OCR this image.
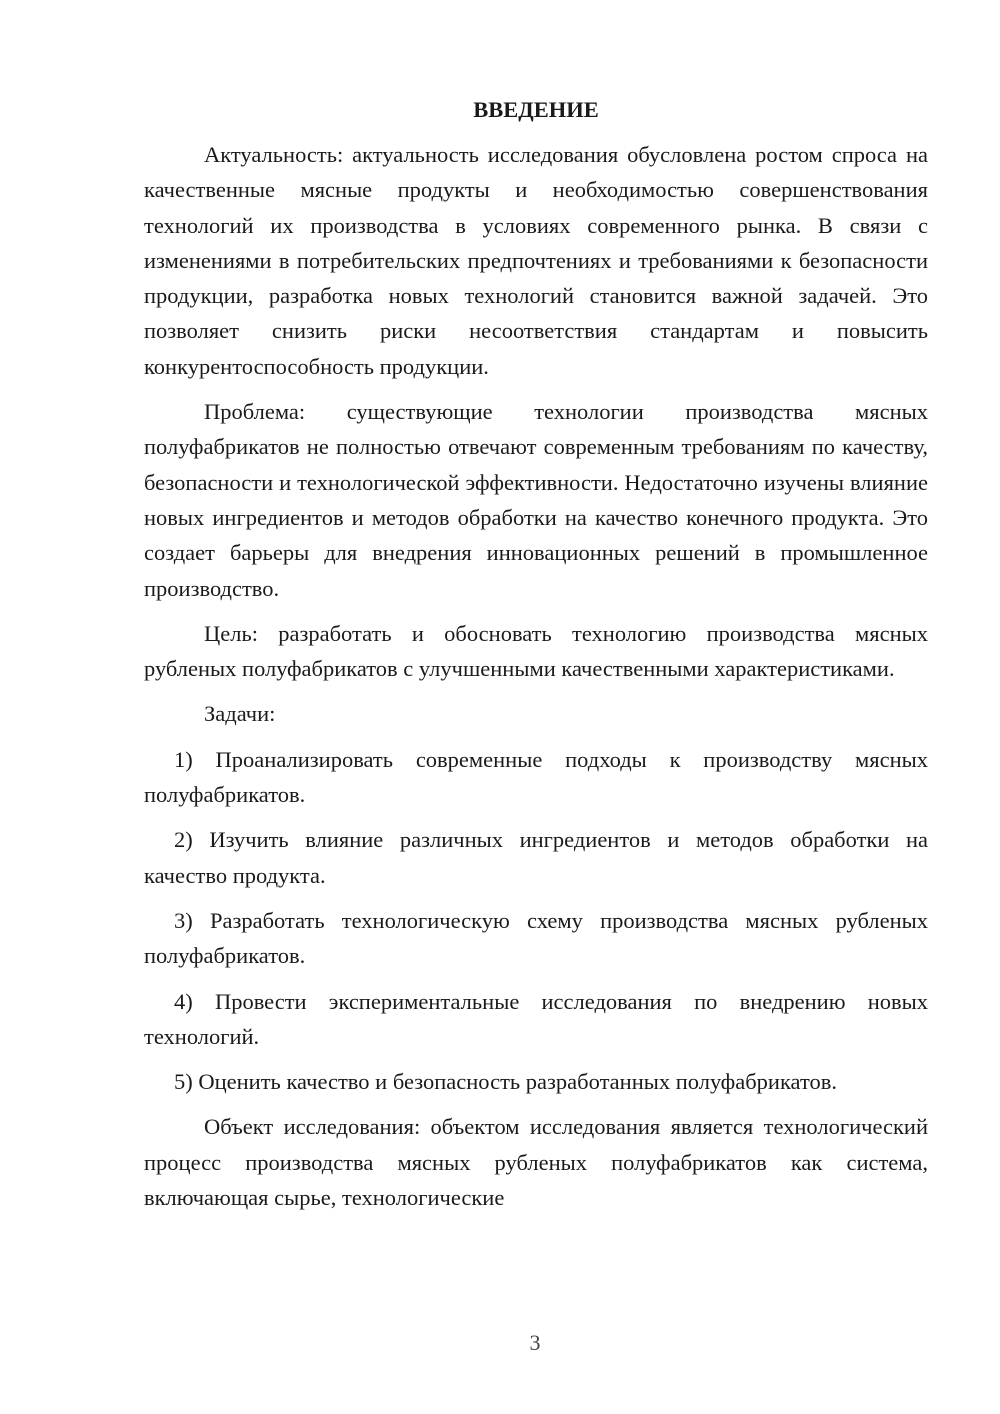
ВВЕДЕНИЕ

Актуальность: актуальность исследования обусловлена ростом спроса на качественные мясные продукты и необходимостью совершенствования технологий их производства в условиях современного рынка. В связи с изменениями в потребительских предпочтениях и требованиями к безопасности продукции, разработка новых технологий становится важной задачей. Это позволяет снизить риски несоответствия стандартам и повысить конкурентоспособность продукции.

Проблема: существующие технологии производства мясных полуфабрикатов не полностью отвечают современным требованиям по качеству, безопасности и технологической эффективности. Недостаточно изучены влияние новых ингредиентов и методов обработки на качество конечного продукта. Это создает барьеры для внедрения инновационных решений в промышленное производство.

Цель: разработать и обосновать технологию производства мясных рубленых полуфабрикатов с улучшенными качественными характеристиками.

Задачи:

1) Проанализировать современные подходы к производству мясных полуфабрикатов.

2) Изучить влияние различных ингредиентов и методов обработки на качество продукта.

3) Разработать технологическую схему производства мясных рубленых полуфабрикатов.

4) Провести экспериментальные исследования по внедрению новых технологий.

5) Оценить качество и безопасность разработанных полуфабрикатов.

Объект исследования: объектом исследования является технологический процесс производства мясных рубленых полуфабрикатов как система, включающая сырье, технологические

3
